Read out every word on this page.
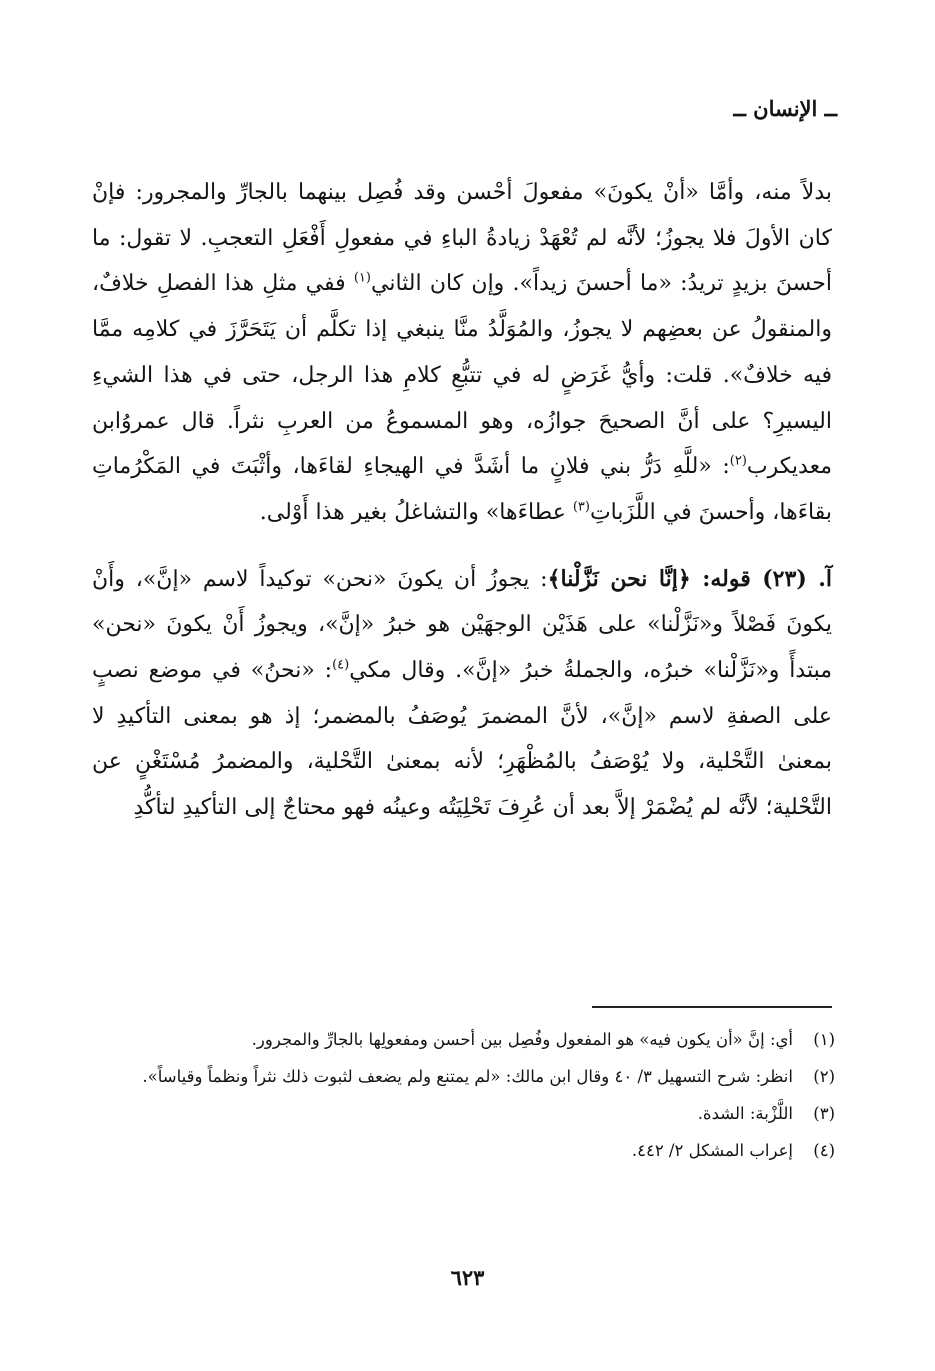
ــ الإنسان ــ

بدلاً منه، وأمَّا «أنْ يكونَ» مفعولَ أحْسن وقد فُصِل بينهما بالجارِّ والمجرور: فإنْ كان الأولَ فلا يجوزُ؛ لأنَّه لم تُعْهَدْ زيادةُ الباءِ في مفعولِ أَفْعَلِ التعجبِ. لا تقول: ما أحسنَ بزيدٍ تريدُ: «ما أحسنَ زيداً». وإن كان الثاني$^{(١)}$ ففي مثلِ هذا الفصلِ خلافٌ، والمنقولُ عن بعضِهم لا يجوزُ، والمُوَلَّدُ منَّا ينبغي إذا تكلَّم أن يَتَحَرَّزَ في كلامِه ممَّا فيه خلافٌ». قلت: وأيُّ غَرَضٍ له في تتبُّعِ كلامِ هذا الرجل، حتى في هذا الشيءِ اليسيرِ؟ على أنَّ الصحيحَ جوازُه، وهو المسموعُ من العربِ نثراً. قال عمروُابن معديكرب$^{(٢)}$: «للَّهِ دَرُّ بني فلانٍ ما أشَدَّ في الهيجاءِ لقاءَها، وأثْبَتَ في المَكْرُماتِ بقاءَها، وأحسنَ في اللَّزَباتِ$^{(٣)}$ عطاءَها» والتشاغلُ بغير هذا أَوْلى.

آ. (٢٣) قوله: ﴿إنَّا نحن نَزَّلْنا﴾: يجوزُ أن يكونَ «نحن» توكيداً لاسم «إنَّ»، وأَنْ يكونَ فَصْلاً و«نَزَّلْنا» على هَذَيْن الوجهَيْن هو خبرُ «إنَّ»، ويجوزُ أَنْ يكونَ «نحن» مبتدأً و«نَزَّلْنا» خبرُه، والجملةُ خبرُ «إنَّ». وقال مكي$^{(٤)}$: «نحنُ» في موضع نصبٍ على الصفةِ لاسم «إنَّ»، لأنَّ المضمرَ يُوصَفُ بالمضمر؛ إذ هو بمعنى التأكيدِ لا بمعنىٰ التَّحْلية، ولا يُوْصَفُ بالمُظْهَرِ؛ لأنه بمعنىٰ التَّحْلية، والمضمرُ مُسْتَغْنٍ عن التَّحْلية؛ لأنَّه لم يُضْمَرْ إلاَّ بعد أن عُرِفَ تَحْلِيَتُه وعينُه فهو محتاجٌ إلى التأكيدِ لتأكُّدِ

(١)
أي: إنَّ «أن يكون فيه» هو المفعول وفُصِل بين أحسن ومفعولِها بالجارِّ والمجرور.
(٢)
انظر: شرح التسهيل ٣/ ٤٠ وقال ابن مالك: «لم يمتنع ولم يضعف لثبوت ذلك نثراً ونظماً وقياساً».
(٣)
اللَّزْبة: الشدة.
(٤)
إعراب المشكل ٢/ ٤٤٢.
٦٢٣
